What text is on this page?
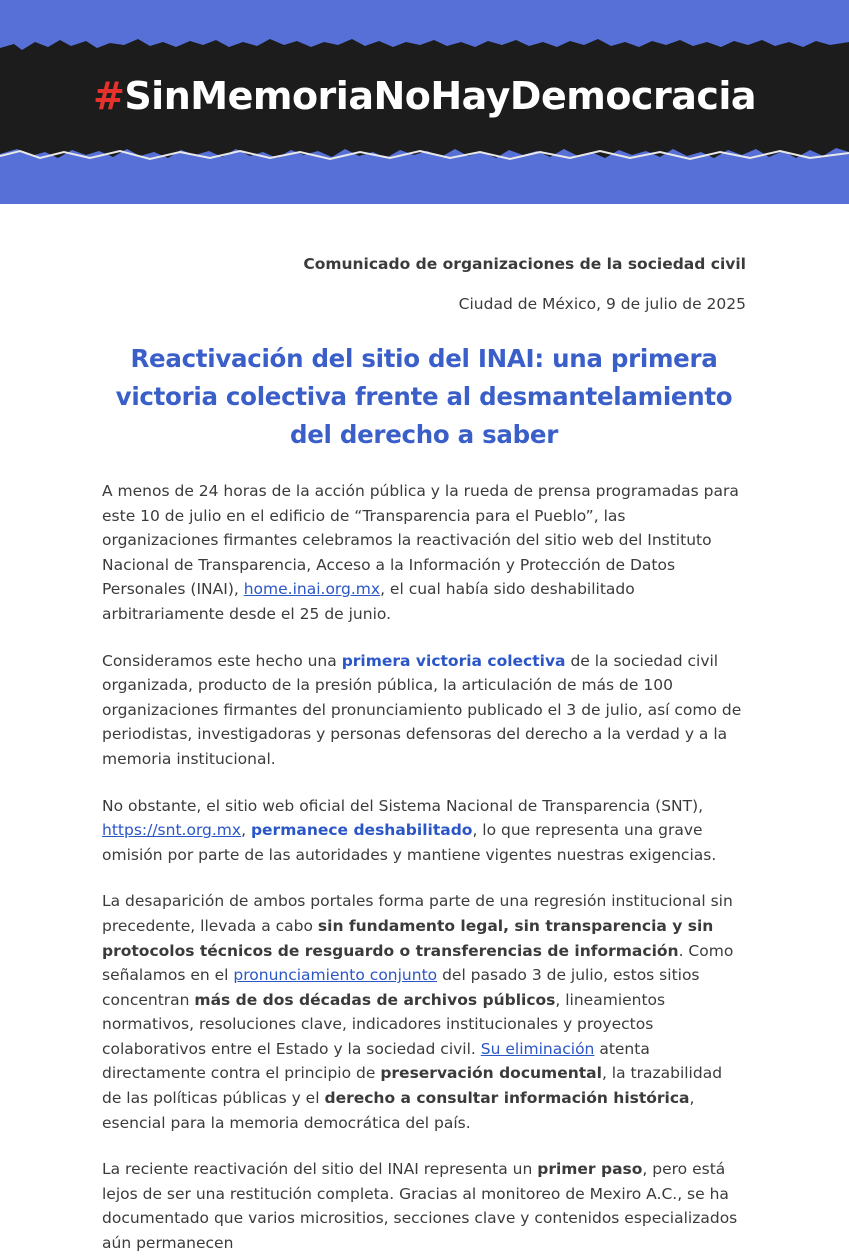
#SinMemoriaNoHayDemocracia

Comunicado de organizaciones de la sociedad civil

Ciudad de México, 9 de julio de 2025

Reactivación del sitio del INAI: una primera victoria colectiva frente al desmantelamiento del derecho a saber

A menos de 24 horas de la acción pública y la rueda de prensa programadas para este 10 de julio en el edificio de “Transparencia para el Pueblo”, las organizaciones firmantes celebramos la reactivación del sitio web del Instituto Nacional de Transparencia, Acceso a la Información y Protección de Datos Personales (INAI), home.inai.org.mx, el cual había sido deshabilitado arbitrariamente desde el 25 de junio.

Consideramos este hecho una primera victoria colectiva de la sociedad civil organizada, producto de la presión pública, la articulación de más de 100 organizaciones firmantes del pronunciamiento publicado el 3 de julio, así como de periodistas, investigadoras y personas defensoras del derecho a la verdad y a la memoria institucional.

No obstante, el sitio web oficial del Sistema Nacional de Transparencia (SNT), https://snt.org.mx, permanece deshabilitado, lo que representa una grave omisión por parte de las autoridades y mantiene vigentes nuestras exigencias.

La desaparición de ambos portales forma parte de una regresión institucional sin precedente, llevada a cabo sin fundamento legal, sin transparencia y sin protocolos técnicos de resguardo o transferencias de información. Como señalamos en el pronunciamiento conjunto del pasado 3 de julio, estos sitios concentran más de dos décadas de archivos públicos, lineamientos normativos, resoluciones clave, indicadores institucionales y proyectos colaborativos entre el Estado y la sociedad civil. Su eliminación atenta directamente contra el principio de preservación documental, la trazabilidad de las políticas públicas y el derecho a consultar información histórica, esencial para la memoria democrática del país.

La reciente reactivación del sitio del INAI representa un primer paso, pero está lejos de ser una restitución completa. Gracias al monitoreo de Mexiro A.C., se ha documentado que varios micrositios, secciones clave y contenidos especializados aún permanecen
